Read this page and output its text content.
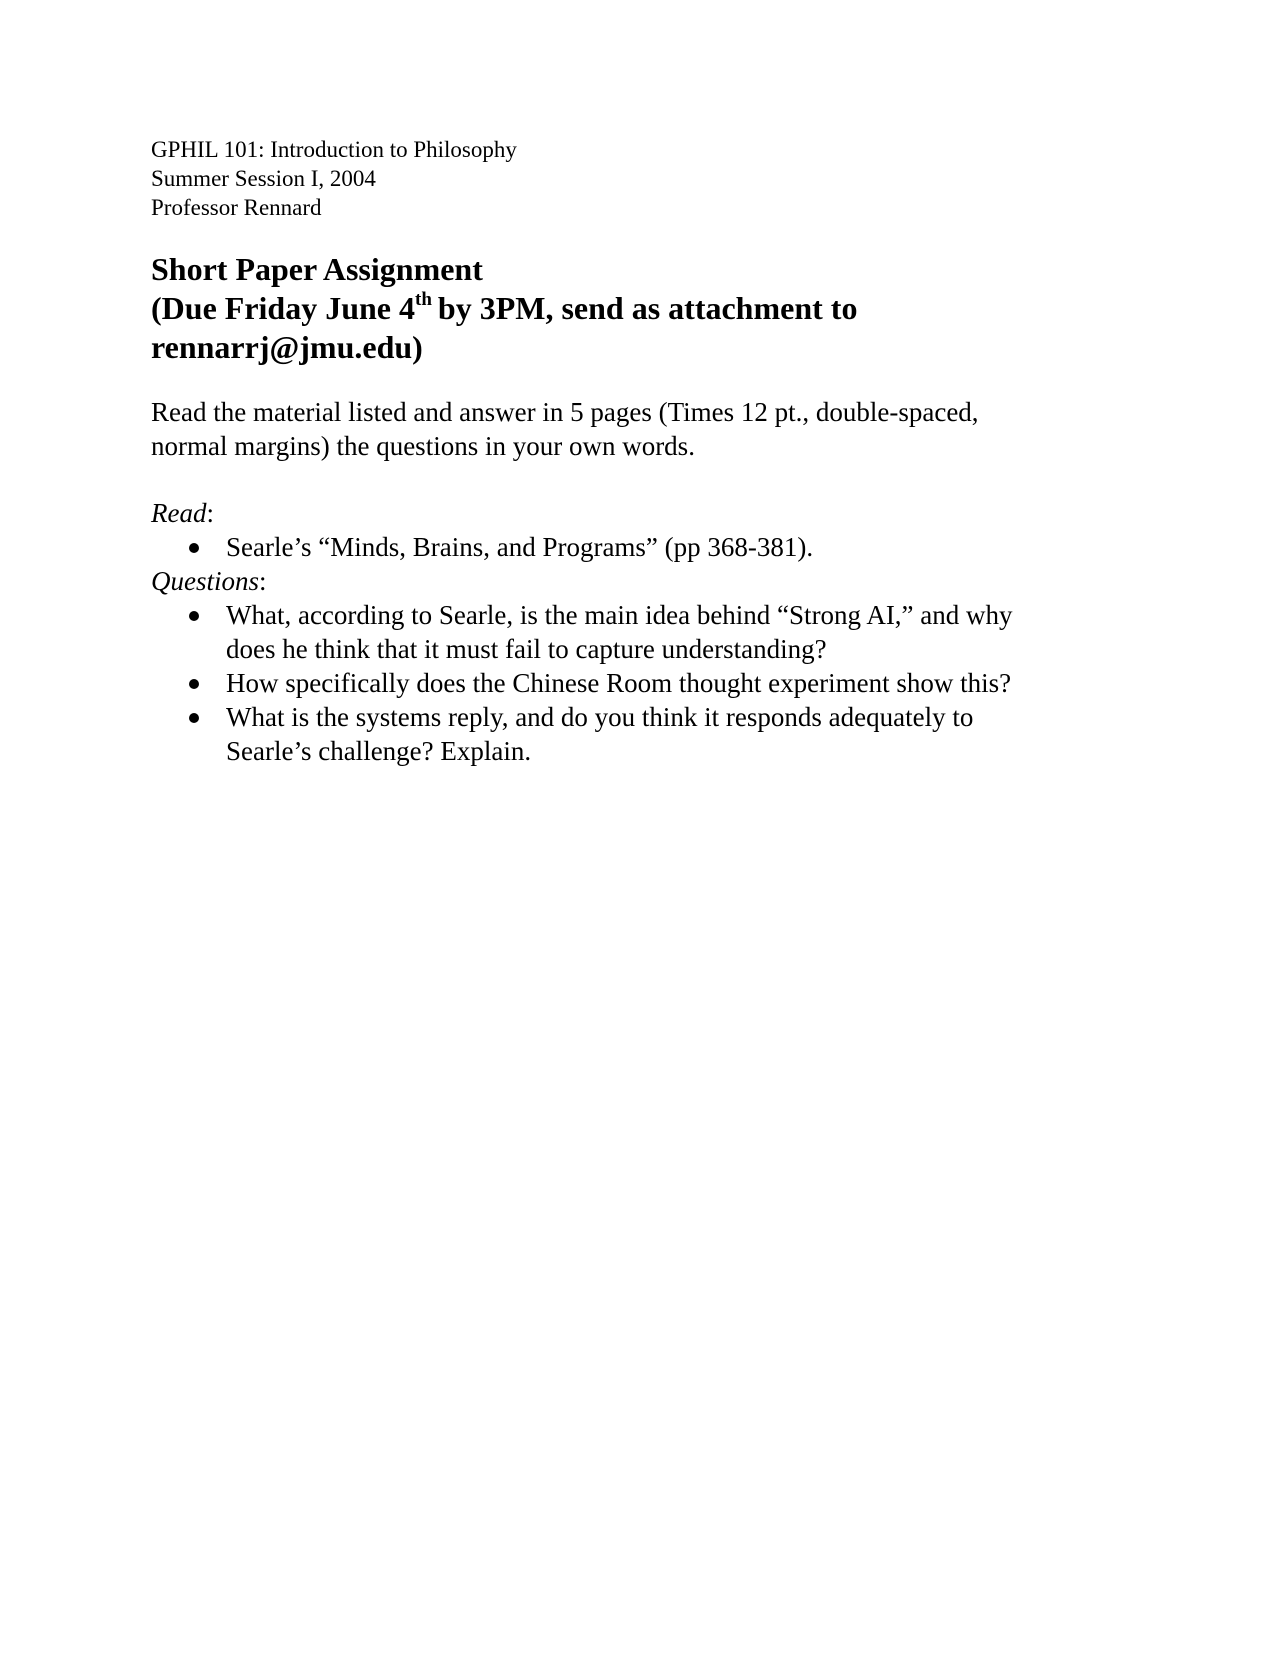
GPHIL 101: Introduction to Philosophy
Summer Session I, 2004
Professor Rennard
Short Paper Assignment
(Due Friday June 4th by 3PM, send as attachment to
rennarrj@jmu.edu)

Read the material listed and answer in 5 pages (Times 12 pt., double-spaced,
normal margins) the questions in your own words.

Read:

Searle’s “Minds, Brains, and Programs” (pp 368-381).

Questions:

What, according to Searle, is the main idea behind “Strong AI,” and why
does he think that it must fail to capture understanding?
How specifically does the Chinese Room thought experiment show this?
What is the systems reply, and do you think it responds adequately to
Searle’s challenge? Explain.
